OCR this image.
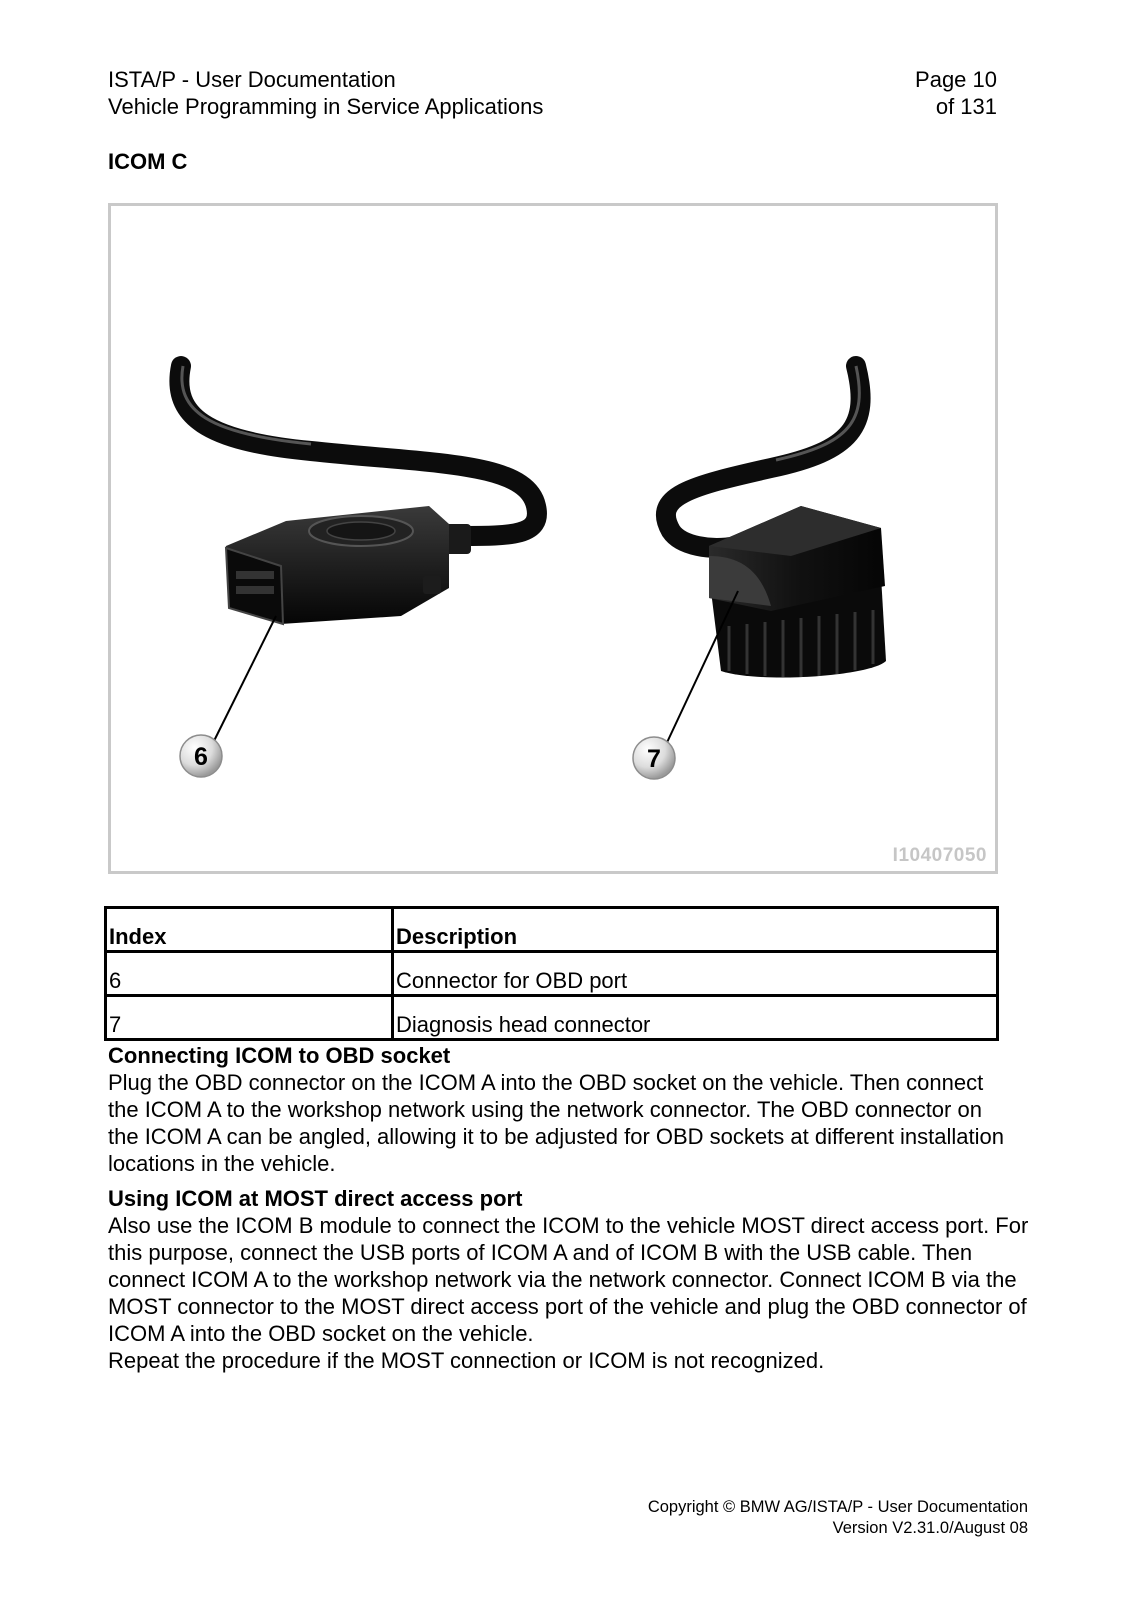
ISTA/P - User Documentation
Vehicle Programming in Service Applications
Page 10
of 131
ICOM C
6	7
I10407050
Index	Description
6	Connector for OBD port
7	Diagnosis head connector
Connecting ICOM to OBD socket

Plug the OBD connector on the ICOM A into the OBD socket on the vehicle. Then connect the ICOM A to the workshop network using the network connector. The OBD connector on the ICOM A can be angled, allowing it to be adjusted for OBD sockets at different installation locations in the vehicle.

Using ICOM at MOST direct access port

Also use the ICOM B module to connect the ICOM to the vehicle MOST direct access port. For this purpose, connect the USB ports of ICOM A and of ICOM B with the USB cable. Then connect ICOM A to the workshop network via the network connector. Connect ICOM B via the MOST connector to the MOST direct access port of the vehicle and plug the OBD connector of ICOM A into the OBD socket on the vehicle.

Repeat the procedure if the MOST connection or ICOM is not recognized.

Copyright © BMW AG/ISTA/P - User Documentation
Version V2.31.0/August 08
